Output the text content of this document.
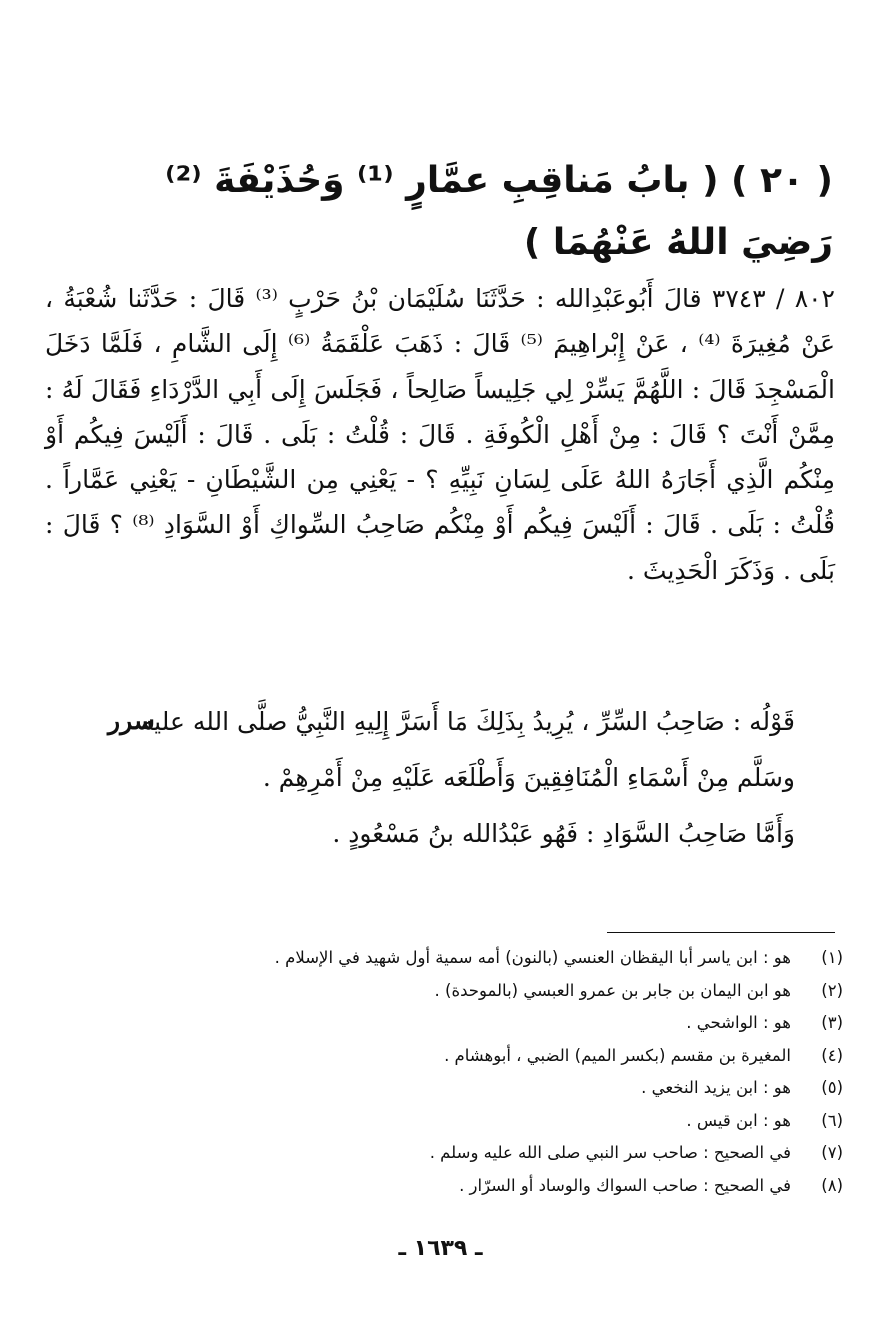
( ٢٠ ) ( بابُ مَناقِبِ عمَّارٍ ⁽¹⁾ وَحُذَيْفَةَ ⁽²⁾ رَضِيَ اللهُ عَنْهُمَا )
٨٠٢ / ٣٧٤٣ قالَ أَبُوعَبْدِالله : حَدَّثَنَا سُلَيْمَان بْنُ حَرْبٍ ⁽³⁾ قَالَ : حَدَّثَنا شُعْبَةُ ، عَنْ مُغِيرَةَ ⁽⁴⁾ ، عَنْ إِبْراهِيمَ ⁽⁵⁾ قَالَ : ذَهَبَ عَلْقَمَةُ ⁽⁶⁾ إِلَى الشَّامِ ، فَلَمَّا دَخَلَ الْمَسْجِدَ قَالَ : اللَّهُمَّ يَسِّرْ لِي جَلِيساً صَالِحاً ، فَجَلَسَ إِلَى أَبِي الدَّرْدَاءِ فَقَالَ لَهُ : مِمَّنْ أَنْتَ ؟ قَالَ : مِنْ أَهْلِ الْكُوفَةِ . قَالَ : قُلْتُ : بَلَى . قَالَ : أَلَيْسَ فِيكُم أَوْ مِنْكُم الَّذِي أَجَارَهُ اللهُ عَلَى لِسَانِ نَبِيِّهِ ؟ - يَعْنِي مِن الشَّيْطَانِ - يَعْنِي عَمَّاراً . قُلْتُ : بَلَى . قَالَ : أَلَيْسَ فِيكُم أَوْ مِنْكُم صَاحِبُ السِّواكِ أَوْ السَّوَادِ ⁽⁸⁾ ؟ قَالَ : بَلَى . وَذَكَرَ الْحَدِيثَ .

قَوْلُه : صَاحِبُ السِّرِّ ، يُرِيدُ بِذَلِكَ مَا أَسَرَّ إِلِيهِ النَّبِيُّ صلَّى الله عليه وسَلَّم مِنْ أَسْمَاءِ الْمُنَافِقِينَ وَأَطْلَعَه عَلَيْهِ مِنْ أَمْرِهِمْ .

وَأَمَّا صَاحِبُ السَّوَادِ : فَهُو عَبْدُالله بنُ مَسْعُودٍ .

سرر
(١)
هو : ابن ياسر أبا اليقظان العنسي (بالنون) أمه سمية أول شهيد في الإسلام .
(٢)
هو ابن اليمان بن جابر بن عمرو العبسي (بالموحدة) .
(٣)
هو : الواشحي .
(٤)
المغيرة بن مقسم (بكسر الميم) الضبي ، أبوهشام .
(٥)
هو : ابن يزيد النخعي .
(٦)
هو : ابن قيس .
(٧)
في الصحيح : صاحب سر النبي صلى الله عليه وسلم .
(٨)
في الصحيح : صاحب السواك والوساد أو السرّار .
ـ ١٦٣٩ ـ
